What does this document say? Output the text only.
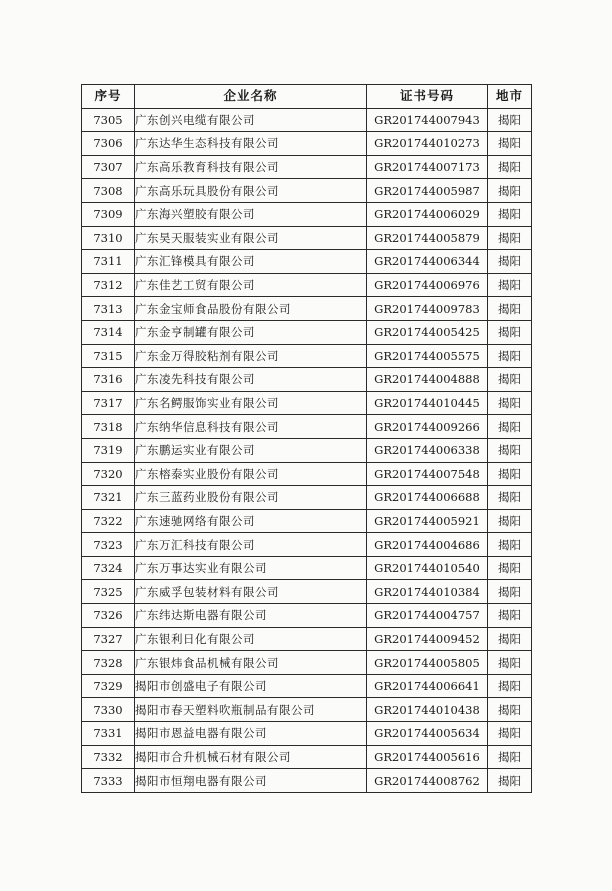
序号	企业名称	证书号码	地市
7305	广东创兴电缆有限公司	GR201744007943	揭阳
7306	广东达华生态科技有限公司	GR201744010273	揭阳
7307	广东高乐教育科技有限公司	GR201744007173	揭阳
7308	广东高乐玩具股份有限公司	GR201744005987	揭阳
7309	广东海兴塑胶有限公司	GR201744006029	揭阳
7310	广东昊天服装实业有限公司	GR201744005879	揭阳
7311	广东汇锋模具有限公司	GR201744006344	揭阳
7312	广东佳艺工贸有限公司	GR201744006976	揭阳
7313	广东金宝师食品股份有限公司	GR201744009783	揭阳
7314	广东金亨制罐有限公司	GR201744005425	揭阳
7315	广东金万得胶粘剂有限公司	GR201744005575	揭阳
7316	广东凌先科技有限公司	GR201744004888	揭阳
7317	广东名鳄服饰实业有限公司	GR201744010445	揭阳
7318	广东纳华信息科技有限公司	GR201744009266	揭阳
7319	广东鹏运实业有限公司	GR201744006338	揭阳
7320	广东榕泰实业股份有限公司	GR201744007548	揭阳
7321	广东三蓝药业股份有限公司	GR201744006688	揭阳
7322	广东速驰网络有限公司	GR201744005921	揭阳
7323	广东万汇科技有限公司	GR201744004686	揭阳
7324	广东万事达实业有限公司	GR201744010540	揭阳
7325	广东威孚包装材料有限公司	GR201744010384	揭阳
7326	广东纬达斯电器有限公司	GR201744004757	揭阳
7327	广东银利日化有限公司	GR201744009452	揭阳
7328	广东银炜食品机械有限公司	GR201744005805	揭阳
7329	揭阳市创盛电子有限公司	GR201744006641	揭阳
7330	揭阳市春天塑料吹瓶制品有限公司	GR201744010438	揭阳
7331	揭阳市恩益电器有限公司	GR201744005634	揭阳
7332	揭阳市合升机械石材有限公司	GR201744005616	揭阳
7333	揭阳市恒翔电器有限公司	GR201744008762	揭阳
